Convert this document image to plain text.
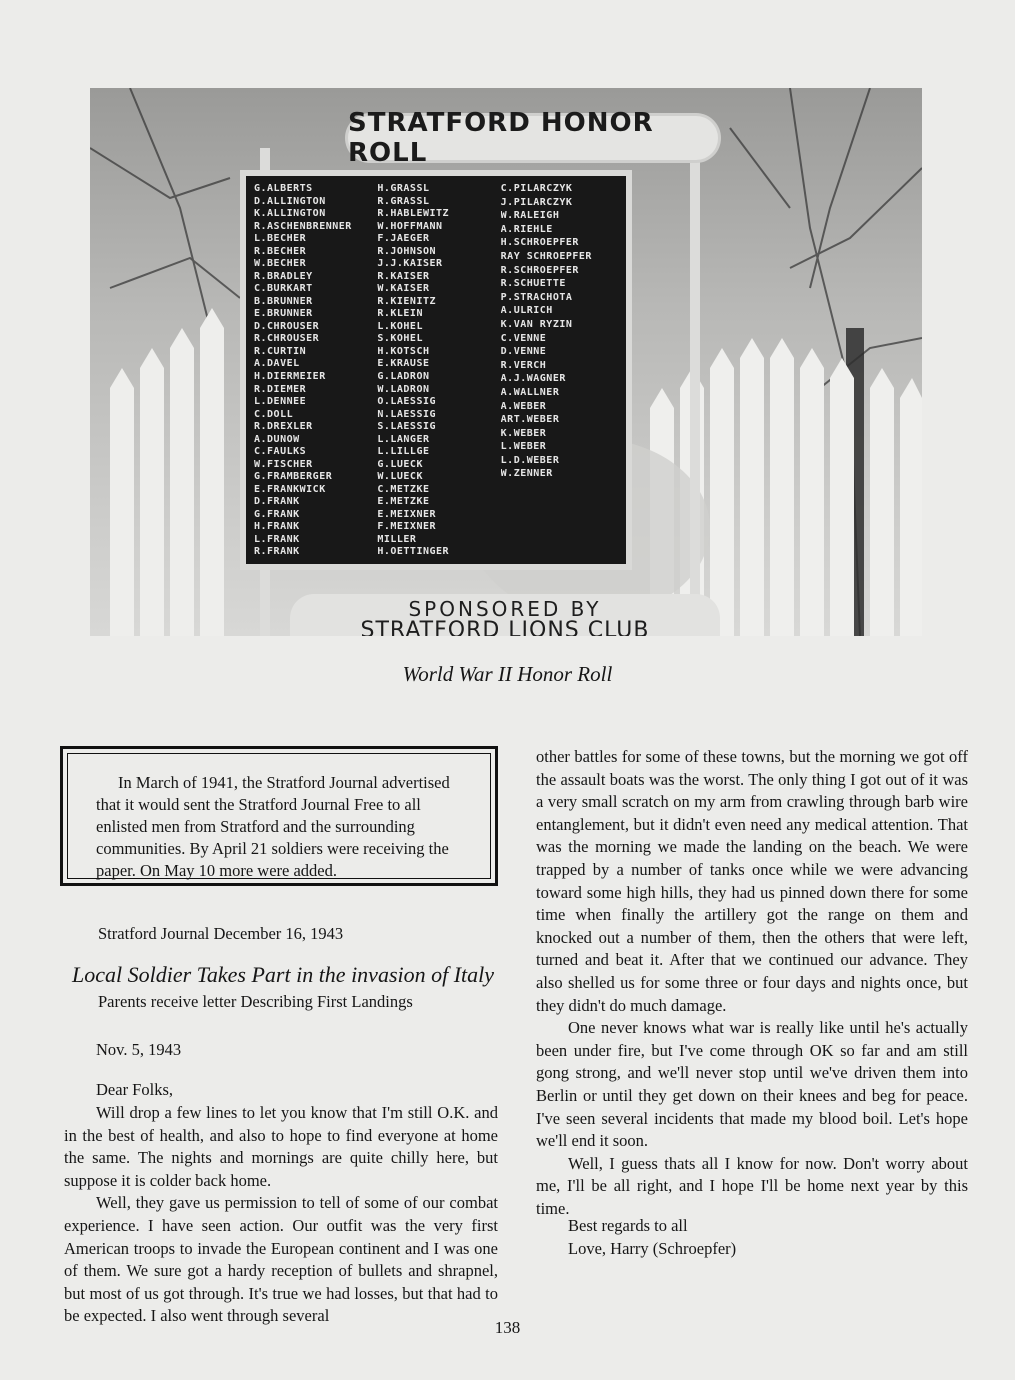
STRATFORD HONOR ROLL
G.ALBERTS
D.ALLINGTON
K.ALLINGTON
R.ASCHENBRENNER
L.BECHER
R.BECHER
W.BECHER
R.BRADLEY
C.BURKART
B.BRUNNER
E.BRUNNER
D.CHROUSER
R.CHROUSER
R.CURTIN
A.DAVEL
H.DIERMEIER
R.DIEMER
L.DENNEE
C.DOLL
R.DREXLER
A.DUNOW
C.FAULKS
W.FISCHER
G.FRAMBERGER
E.FRANKWICK
D.FRANK
G.FRANK
H.FRANK
L.FRANK
R.FRANK
H.GRASSL
R.GRASSL
R.HABLEWITZ
W.HOFFMANN
F.JAEGER
R.JOHNSON
J.J.KAISER
R.KAISER
W.KAISER
R.KIENITZ
R.KLEIN
L.KOHEL
S.KOHEL
H.KOTSCH
E.KRAUSE
G.LADRON
W.LADRON
O.LAESSIG
N.LAESSIG
S.LAESSIG
L.LANGER
L.LILLGE
G.LUECK
W.LUECK
C.METZKE
E.METZKE
E.MEIXNER
F.MEIXNER
MILLER
H.OETTINGER
C.PILARCZYK
J.PILARCZYK
W.RALEIGH
A.RIEHLE
H.SCHROEPFER
RAY SCHROEPFER
R.SCHROEPFER
R.SCHUETTE
P.STRACHOTA
A.ULRICH
K.VAN RYZIN
C.VENNE
D.VENNE
R.VERCH
A.J.WAGNER
A.WALLNER
A.WEBER
ART.WEBER
K.WEBER
L.WEBER
L.D.WEBER
W.ZENNER
SPONSORED BY
STRATFORD LIONS CLUB
World War II Honor Roll
In March of 1941, the Stratford Journal advertised that it would sent the Stratford Journal Free to all enlisted men from Stratford and the surrounding communities. By April 21 soldiers were receiving the paper. On May 10 more were added.
Stratford Journal December 16, 1943
Local Soldier Takes Part in the invasion of Italy
Parents receive letter Describing First Landings
Nov. 5, 1943
Dear Folks,

Will drop a few lines to let you know that I'm still O.K. and in the best of health, and also to hope to find everyone at home the same. The nights and mornings are quite chilly here, but suppose it is colder back home.

Well, they gave us permission to tell of some of our combat experience. I have seen action. Our outfit was the very first American troops to invade the European continent and I was one of them. We sure got a hardy reception of bullets and shrapnel, but most of us got through. It's true we had losses, but that had to be expected. I also went through several

other battles for some of these towns, but the morning we got off the assault boats was the worst. The only thing I got out of it was a very small scratch on my arm from crawling through barb wire entanglement, but it didn't even need any medical attention. That was the morning we made the landing on the beach. We were trapped by a number of tanks once while we were advancing toward some high hills, they had us pinned down there for some time when finally the artillery got the range on them and knocked out a number of them, then the others that were left, turned and beat it. After that we continued our advance. They also shelled us for some three or four days and nights once, but they didn't do much damage.

One never knows what war is really like until he's actually been under fire, but I've come through OK so far and am still gong strong, and we'll never stop until we've driven them into Berlin or until they get down on their knees and beg for peace. I've seen several incidents that made my blood boil. Let's hope we'll end it soon.

Well, I guess thats all I know for now. Don't worry about me, I'll be all right, and I hope I'll be home next year by this time.

Best regards to all
Love, Harry (Schroepfer)
138
